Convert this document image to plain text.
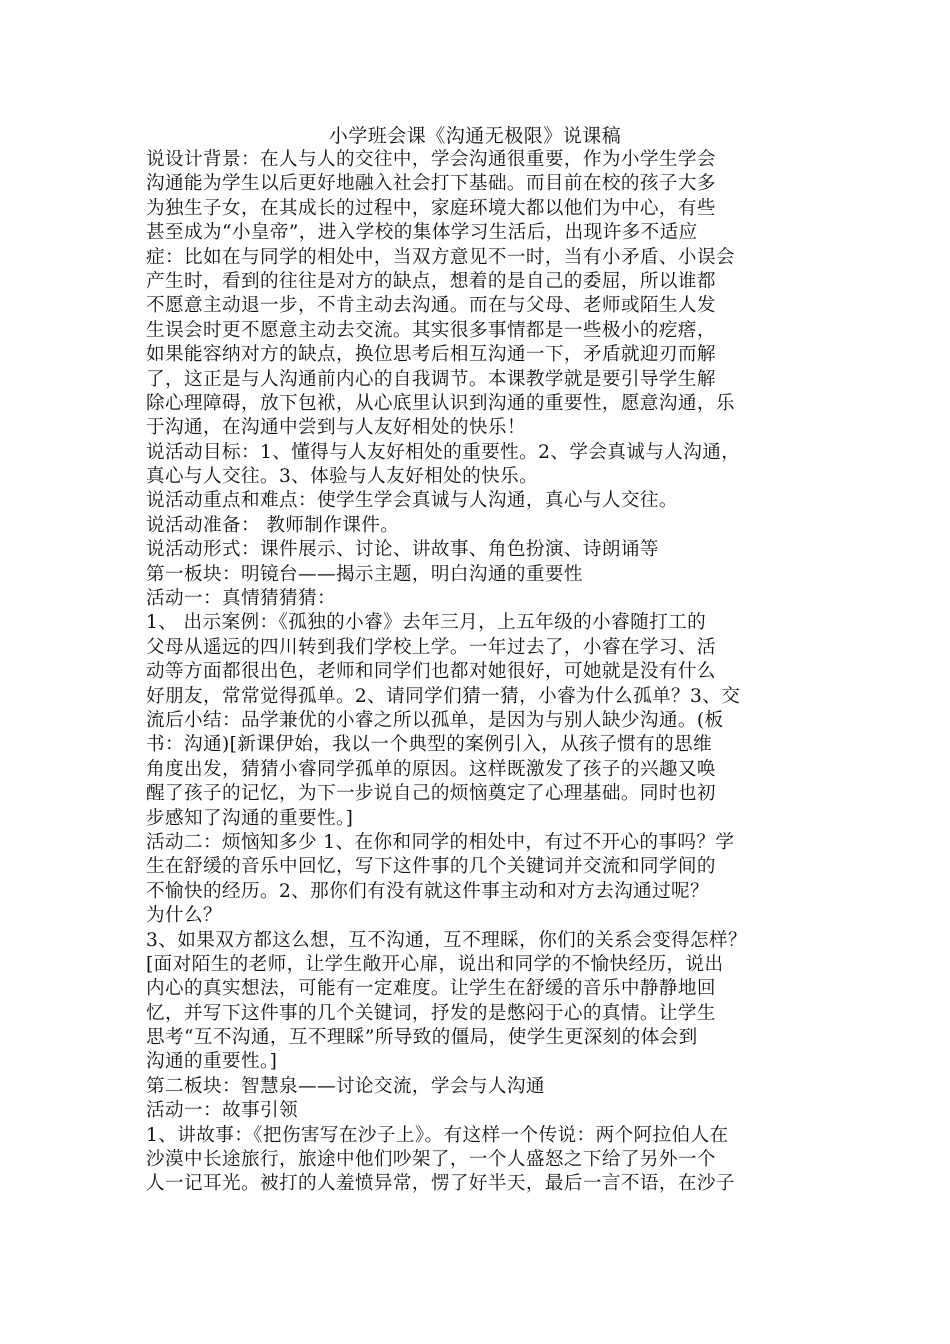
小学班会课《沟通无极限》说课稿
说设计背景：在人与人的交往中，学会沟通很重要，作为小学生学会
沟通能为学生以后更好地融入社会打下基础。而目前在校的孩子大多
为独生子女，在其成长的过程中，家庭环境大都以他们为中心，有些
甚至成为“小皇帝”，进入学校的集体学习生活后，出现许多不适应
症：比如在与同学的相处中，当双方意见不一时，当有小矛盾、小误会
产生时，看到的往往是对方的缺点，想着的是自己的委屈，所以谁都
不愿意主动退一步，不肯主动去沟通。而在与父母、老师或陌生人发
生误会时更不愿意主动去交流。其实很多事情都是一些极小的疙瘩，
如果能容纳对方的缺点，换位思考后相互沟通一下，矛盾就迎刃而解
了，这正是与人沟通前内心的自我调节。本课教学就是要引导学生解
除心理障碍，放下包袱，从心底里认识到沟通的重要性，愿意沟通，乐
于沟通，在沟通中尝到与人友好相处的快乐！
说活动目标：1、懂得与人友好相处的重要性。2、学会真诚与人沟通，
真心与人交往。3、体验与人友好相处的快乐。
说活动重点和难点：使学生学会真诚与人沟通，真心与人交往。
说活动准备： 教师制作课件。
说活动形式：课件展示、讨论、讲故事、角色扮演、诗朗诵等
第一板块：明镜台——揭示主题，明白沟通的重要性
活动一：真情猜猜猜：
1、 出示案例：《孤独的小睿》去年三月，上五年级的小睿随打工的
父母从遥远的四川转到我们学校上学。一年过去了，小睿在学习、活
动等方面都很出色，老师和同学们也都对她很好，可她就是没有什么
好朋友，常常觉得孤单。2、请同学们猜一猜，小睿为什么孤单？3、交
流后小结：品学兼优的小睿之所以孤单，是因为与别人缺少沟通。(板
书：沟通)[新课伊始，我以一个典型的案例引入，从孩子惯有的思维
角度出发，猜猜小睿同学孤单的原因。这样既激发了孩子的兴趣又唤
醒了孩子的记忆，为下一步说自己的烦恼奠定了心理基础。同时也初
步感知了沟通的重要性。]
活动二：烦恼知多少 1、在你和同学的相处中，有过不开心的事吗？学
生在舒缓的音乐中回忆，写下这件事的几个关键词并交流和同学间的
不愉快的经历。2、那你们有没有就这件事主动和对方去沟通过呢？
为什么？
3、如果双方都这么想，互不沟通，互不理睬，你们的关系会变得怎样？
[面对陌生的老师，让学生敞开心扉，说出和同学的不愉快经历，说出
内心的真实想法，可能有一定难度。让学生在舒缓的音乐中静静地回
忆，并写下这件事的几个关键词，抒发的是憋闷于心的真情。让学生
思考“互不沟通，互不理睬”所导致的僵局，使学生更深刻的体会到
沟通的重要性。]
第二板块：智慧泉——讨论交流，学会与人沟通
活动一：故事引领
1、讲故事：《把伤害写在沙子上》。有这样一个传说：两个阿拉伯人在
沙漠中长途旅行，旅途中他们吵架了，一个人盛怒之下给了另外一个
人一记耳光。被打的人羞愤异常，愣了好半天，最后一言不语，在沙子
